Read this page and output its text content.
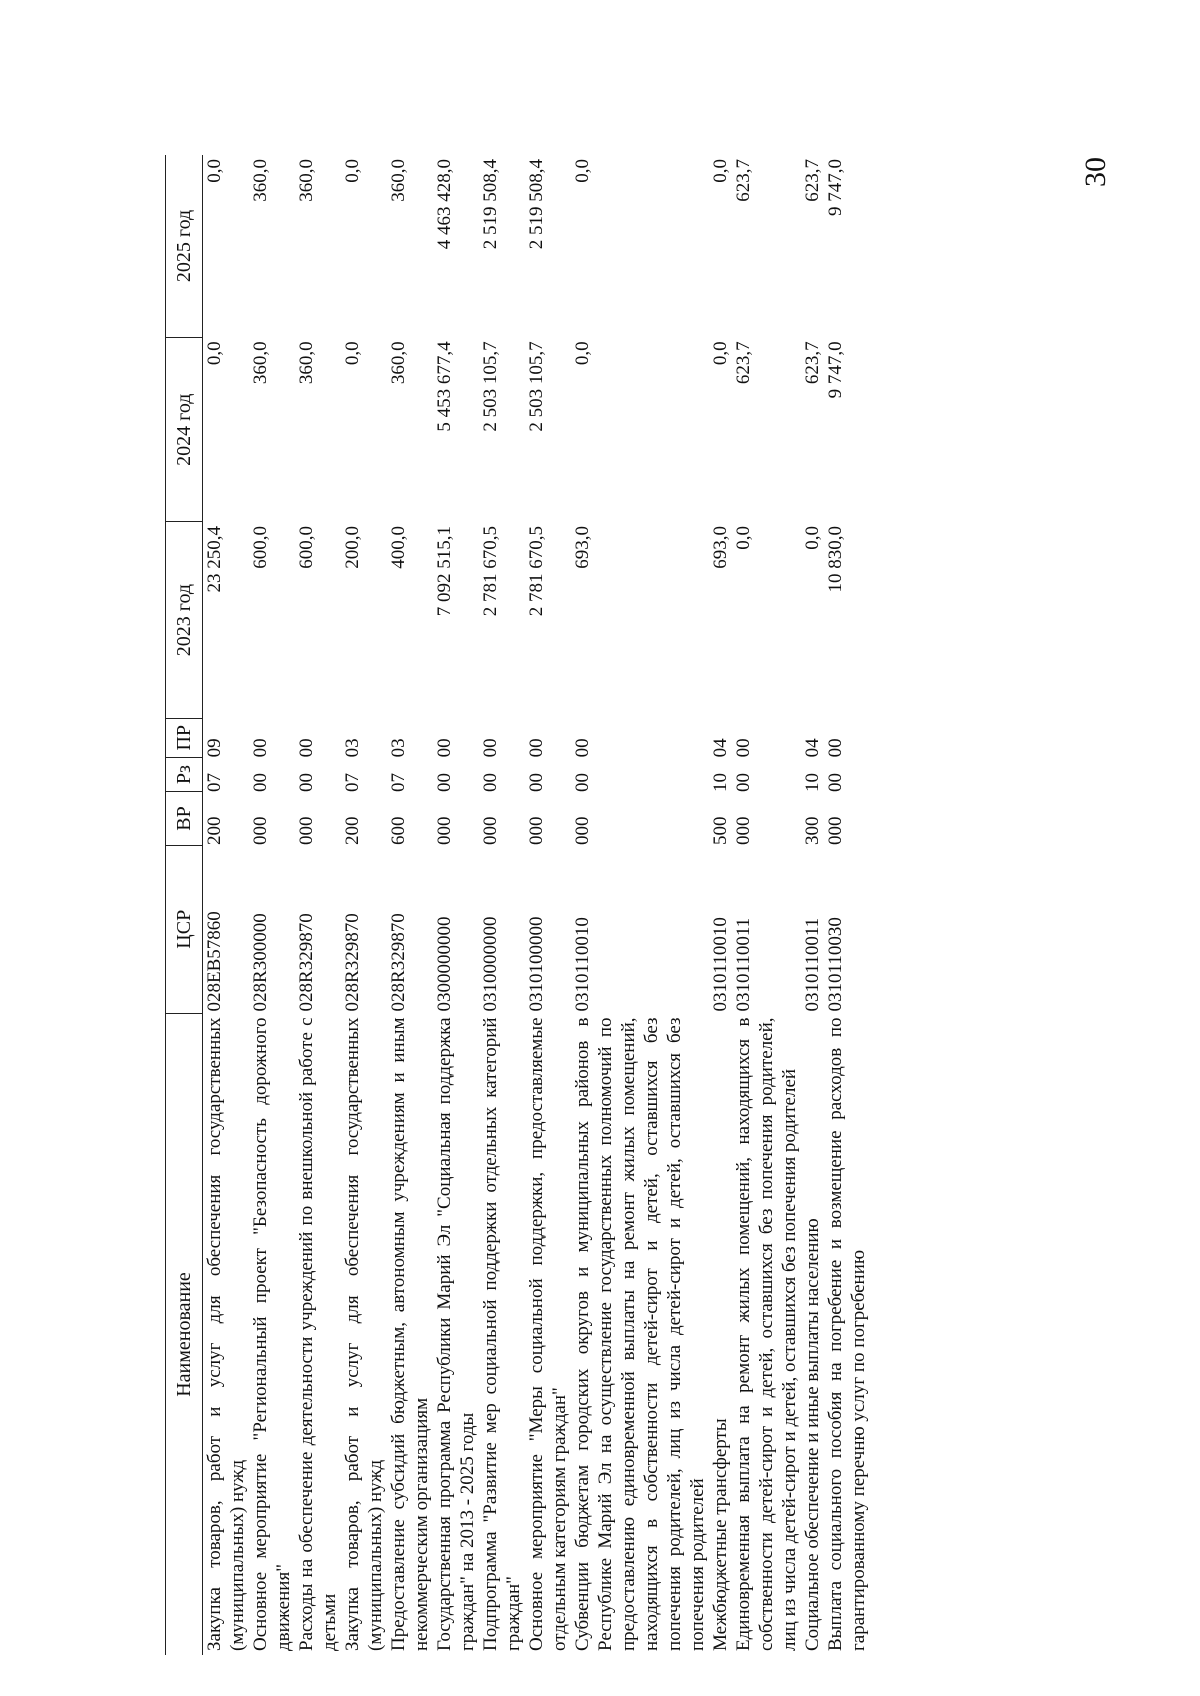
30
Наименование	ЦСР	ВР	Рз	ПР	2023 год	2024 год	2025 год
Закупка товаров, работ и услуг для обеспечения государственных (муниципальных) нужд	028EB57860	200	07	09	23 250,4	0,0	0,0
Основное мероприятие "Региональный проект "Безопасность дорожного движения"	028R300000	000	00	00	600,0	360,0	360,0
Расходы на обеспечение деятельности учреждений по внешкольной работе с детьми	028R329870	000	00	00	600,0	360,0	360,0
Закупка товаров, работ и услуг для обеспечения государственных (муниципальных) нужд	028R329870	200	07	03	200,0	0,0	0,0
Предоставление субсидий бюджетным, автономным учреждениям и иным некоммерческим организациям	028R329870	600	07	03	400,0	360,0	360,0
Государственная программа Республики Марий Эл "Социальная поддержка граждан" на 2013 - 2025 годы	0300000000	000	00	00	7 092 515,1	5 453 677,4	4 463 428,0
Подпрограмма "Развитие мер социальной поддержки отдельных категорий граждан"	0310000000	000	00	00	2 781 670,5	2 503 105,7	2 519 508,4
Основное мероприятие "Меры социальной поддержки, предоставляемые отдельным категориям граждан"	0310100000	000	00	00	2 781 670,5	2 503 105,7	2 519 508,4
Субвенции бюджетам городских округов и муниципальных районов в Республике Марий Эл на осуществление государственных полномочий по предоставлению единовременной выплаты на ремонт жилых помещений, находящихся в собственности детей-сирот и детей, оставшихся без попечения родителей, лиц из числа детей-сирот и детей, оставшихся без попечения родителей	0310110010	000	00	00	693,0	0,0	0,0
Межбюджетные трансферты	0310110010	500	10	04	693,0	0,0	0,0
Единовременная выплата на ремонт жилых помещений, находящихся в собственности детей-сирот и детей, оставшихся без попечения родителей, лиц из числа детей-сирот и детей, оставшихся без попечения родителей	0310110011	000	00	00	0,0	623,7	623,7
Социальное обеспечение и иные выплаты населению	0310110011	300	10	04	0,0	623,7	623,7
Выплата социального пособия на погребение и возмещение расходов по гарантированному перечню услуг по погребению	0310110030	000	00	00	10 830,0	9 747,0	9 747,0
